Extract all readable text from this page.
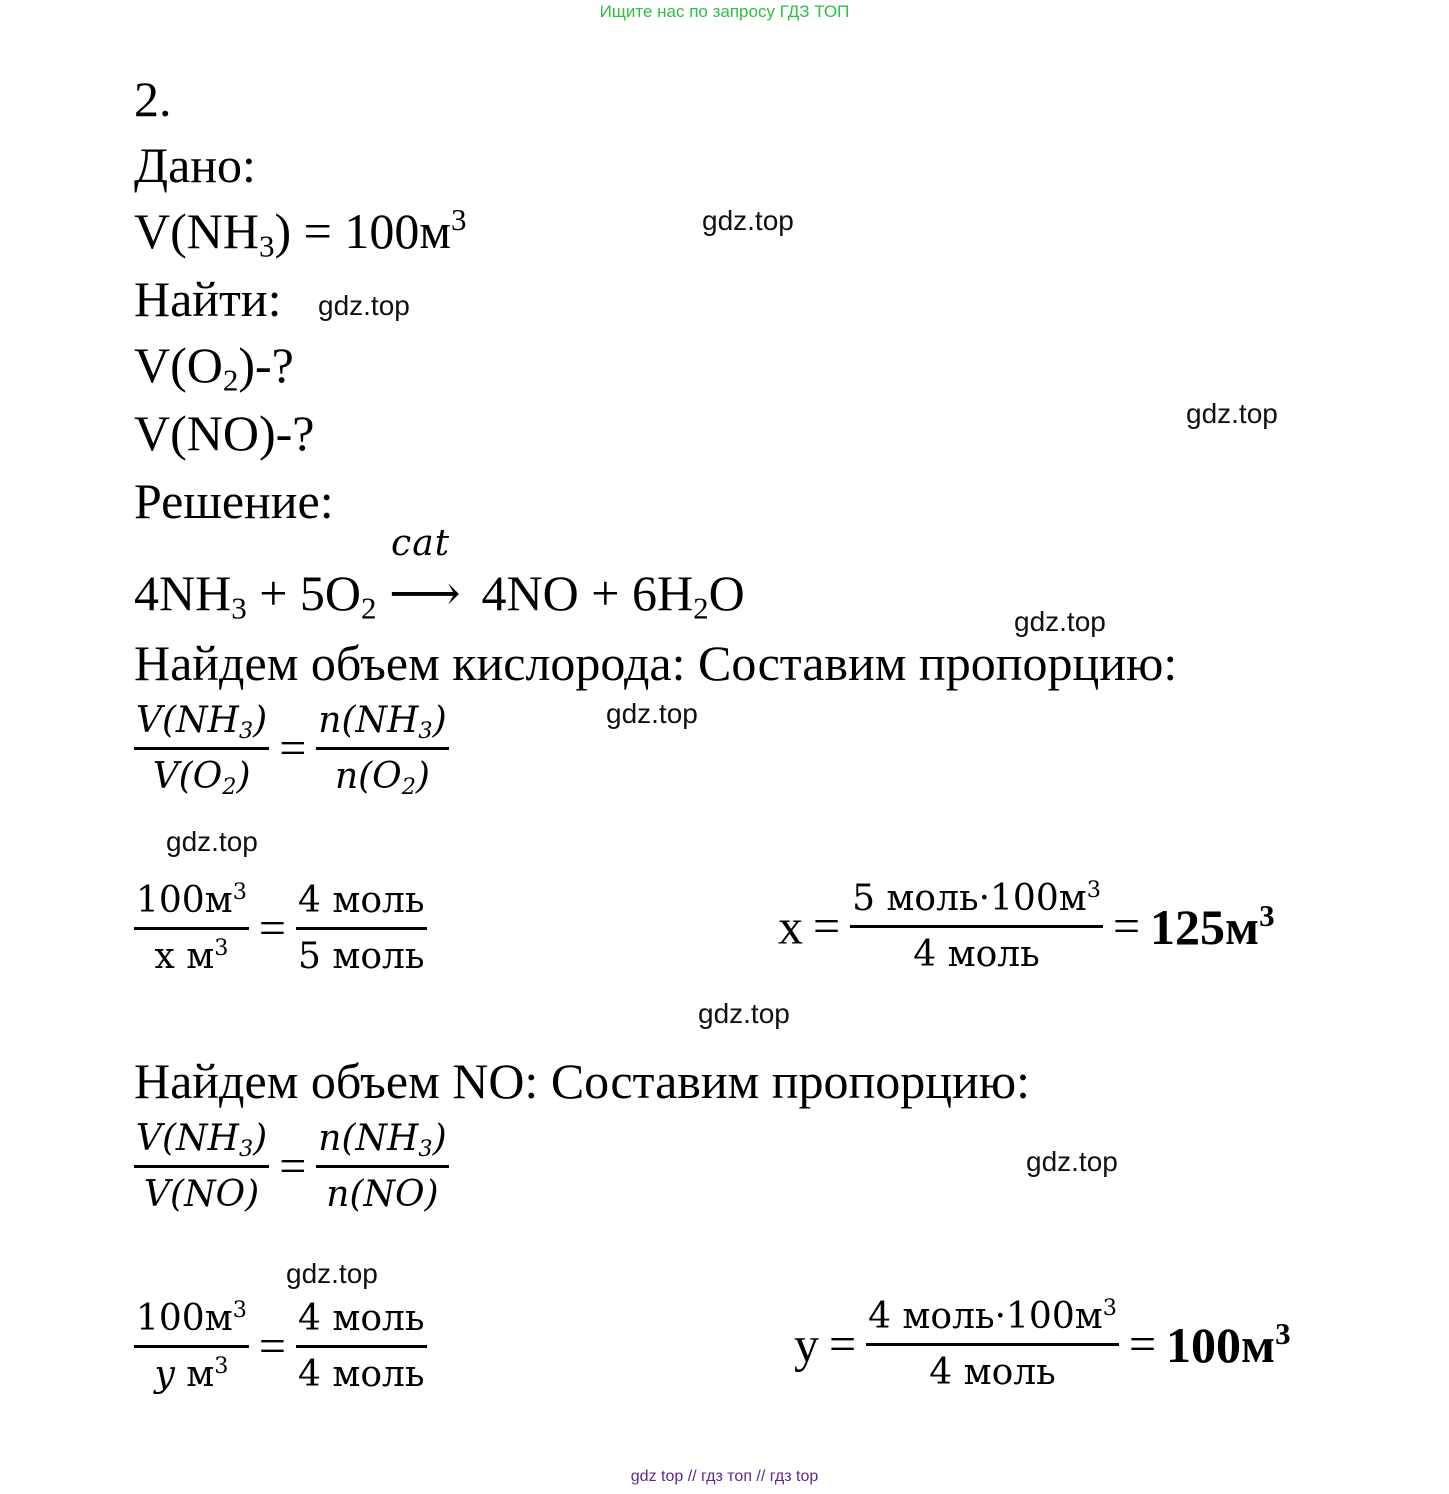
Ищите нас по запросу ГДЗ ТОП
gdz.top
gdz.top
gdz.top
gdz.top
gdz.top
gdz.top
gdz.top
gdz.top
gdz.top
2.
Дано:
$V(NH_3) = 100м^3$
Найти:
$V(O_2)-$?
V(NO)-?
Решение:
$4NH_3 + 5O_2$
cat
⟶ $4NO + 6H_2O$
Найдем объем кислорода: Составим пропорцию:
$\frac{V(NH_3)}{V(O_2)} = \frac{n(NH_3)}{n(O_2)}$
$\frac{100м^3}{х м^3} = \frac{\text{4 моль}}{\text{5 моль}}$	$x = \frac{5 моль\cdot 100м^3}{\text{4 моль}} = 125м^3$
Найдем объем NO: Составим пропорцию:
$\frac{V(NH_3)}{V(NO)} = \frac{n(NH_3)}{n(NO)}$
$\frac{100м^3}{y м^3} = \frac{\text{4 моль}}{\text{4 моль}}$	$y = \frac{4 моль\cdot 100м^3}{\text{4 моль}} = 100м^3$
gdz top // гдз топ // гдз top
